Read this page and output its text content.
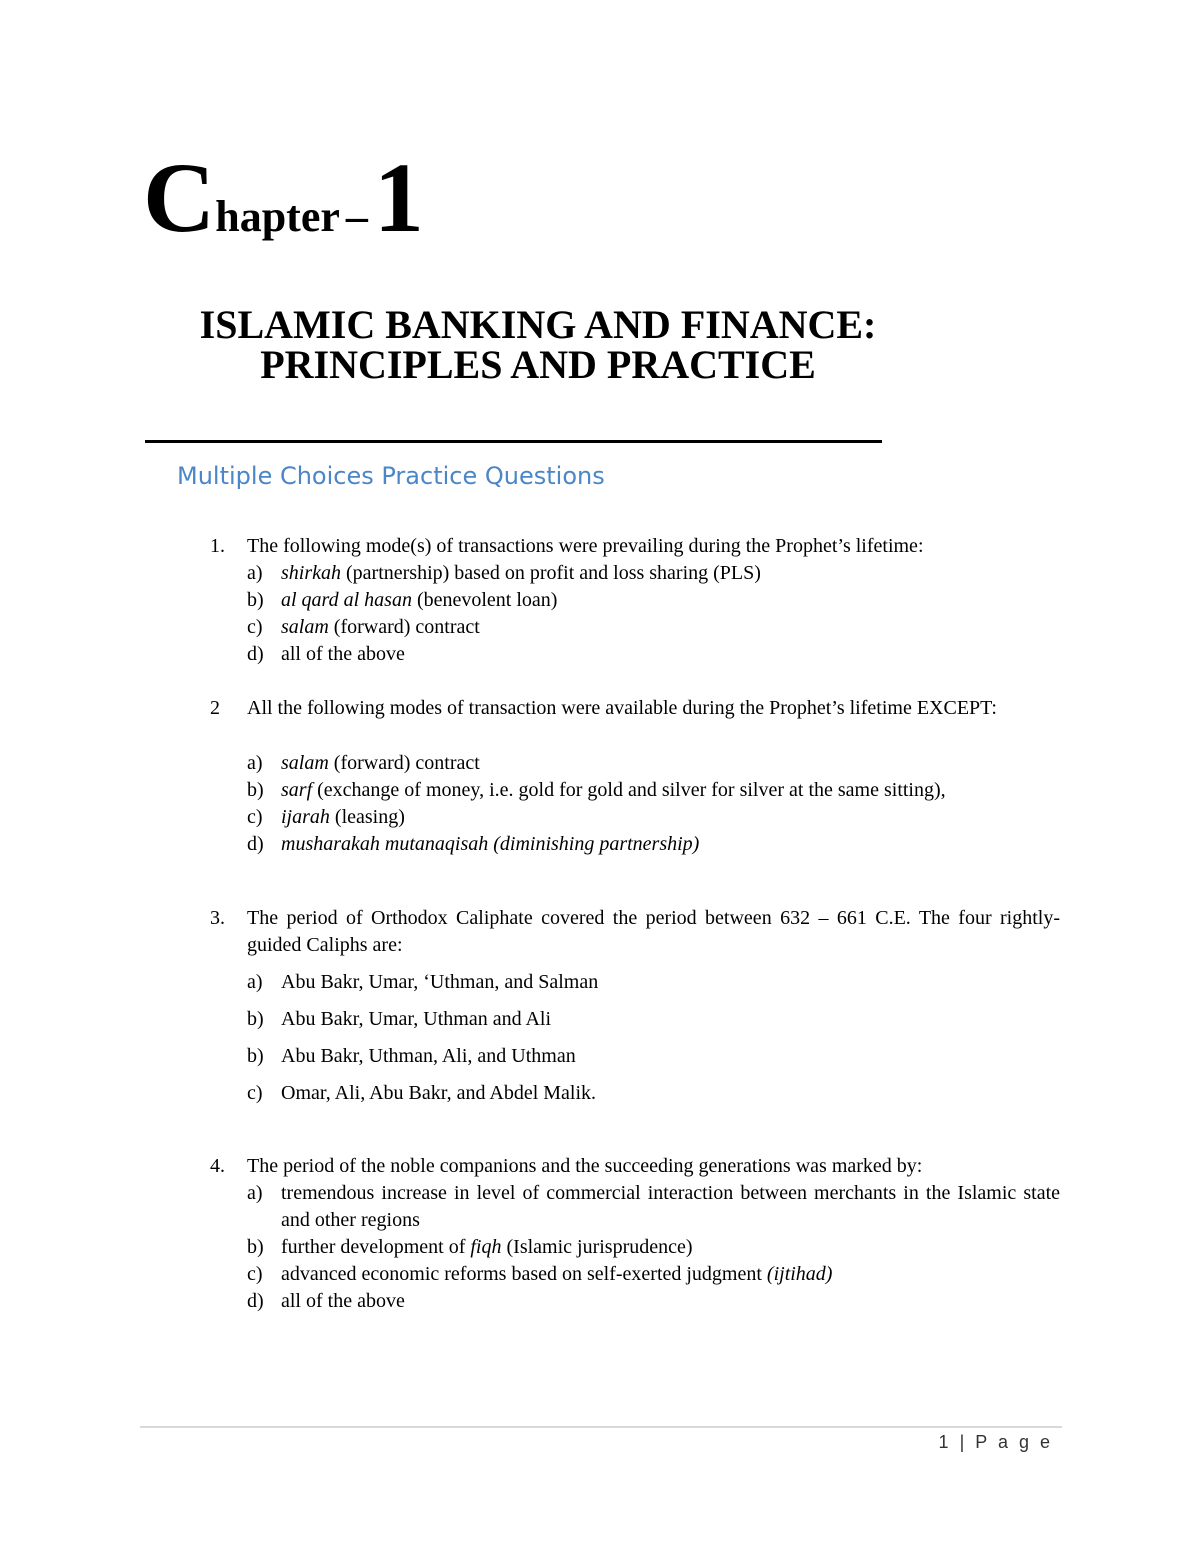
Chapter –1
ISLAMIC BANKING AND FINANCE:
PRINCIPLES AND PRACTICE
Multiple Choices Practice Questions
1.	The following mode(s) of transactions were prevailing during the Prophet’s lifetime:
a) shirkah (partnership) based on profit and loss sharing (PLS)
b) al qard al hasan (benevolent loan)
c) salam (forward) contract
d) all of the above
2	All the following modes of transaction were available during the Prophet’s lifetime EXCEPT:
a) salam (forward) contract
b) sarf (exchange of money, i.e. gold for gold and silver for silver at the same sitting),
c) ijarah (leasing)
d) musharakah mutanaqisah (diminishing partnership)
3.	The period of Orthodox Caliphate covered the period between 632 – 661 C.E. The four rightly-guided Caliphs are:
a) Abu Bakr, Umar, ‘Uthman, and Salman
b) Abu Bakr, Umar, Uthman and Ali
b) Abu Bakr, Uthman, Ali, and Uthman
c) Omar, Ali, Abu Bakr, and Abdel Malik.
4.	The period of the noble companions and the succeeding generations was marked by:
a) tremendous increase in level of commercial interaction between merchants in the Islamic state and other regions
b) further development of fiqh (Islamic jurisprudence)
c) advanced economic reforms based on self-exerted judgment (ijtihad)
d) all of the above
1 | P a g e
